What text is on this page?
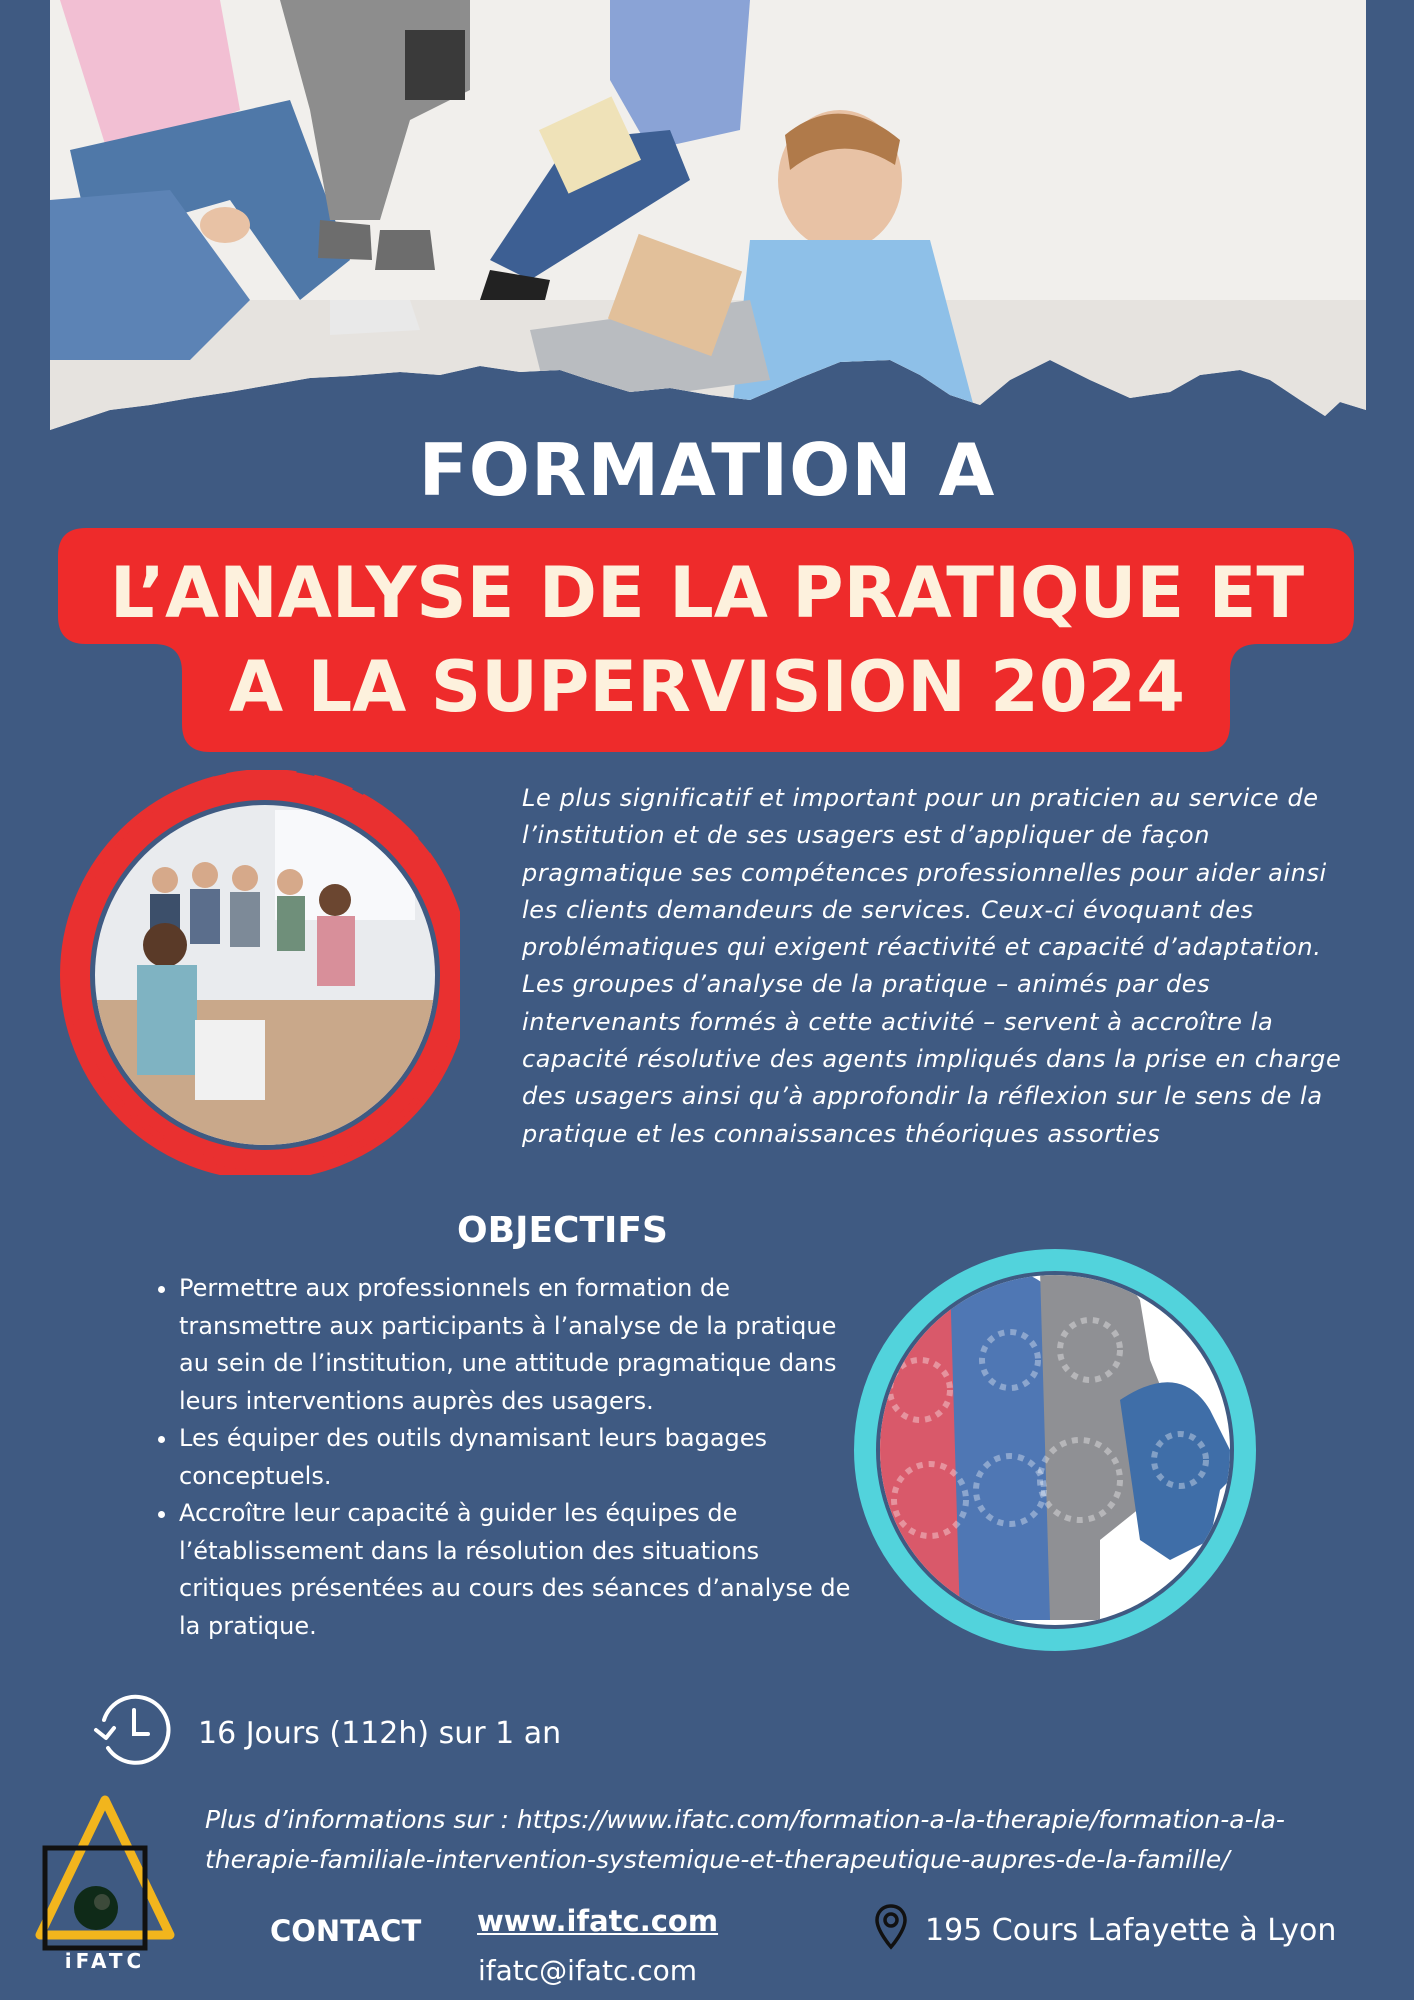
FORMATION A
L’ANALYSE DE LA PRATIQUE ET
A LA SUPERVISION 2024

Le plus significatif et important pour un praticien au service de l’institution et de ses usagers est d’appliquer de façon pragmatique ses compétences professionnelles pour aider ainsi les clients demandeurs de services. Ceux-ci évoquant des problématiques qui exigent réactivité et capacité d’adaptation. Les groupes d’analyse de la pratique – animés par des intervenants formés à cette activité – servent à accroître la capacité résolutive des agents impliqués dans la prise en charge des usagers ainsi qu’à approfondir la réflexion sur le sens de la pratique et les connaissances théoriques assorties

OBJECTIFS
• Permettre aux professionnels en formation de transmettre aux participants à l’analyse de la pratique au sein de l’institution, une attitude pragmatique dans leurs interventions auprès des usagers.
• Les équiper des outils dynamisant leurs bagages conceptuels.
• Accroître leur capacité à guider les équipes de l’établissement dans la résolution des situations critiques présentées au cours des séances d’analyse de la pratique.

16 Jours (112h) sur 1 an

Plus d’informations sur : https://www.ifatc.com/formation-a-la-therapie/formation-a-la-therapie-familiale-intervention-systemique-et-therapeutique-aupres-de-la-famille/

iFATC

CONTACT www.ifatc.com

ifatc@ifatc.com

195 Cours Lafayette à Lyon
